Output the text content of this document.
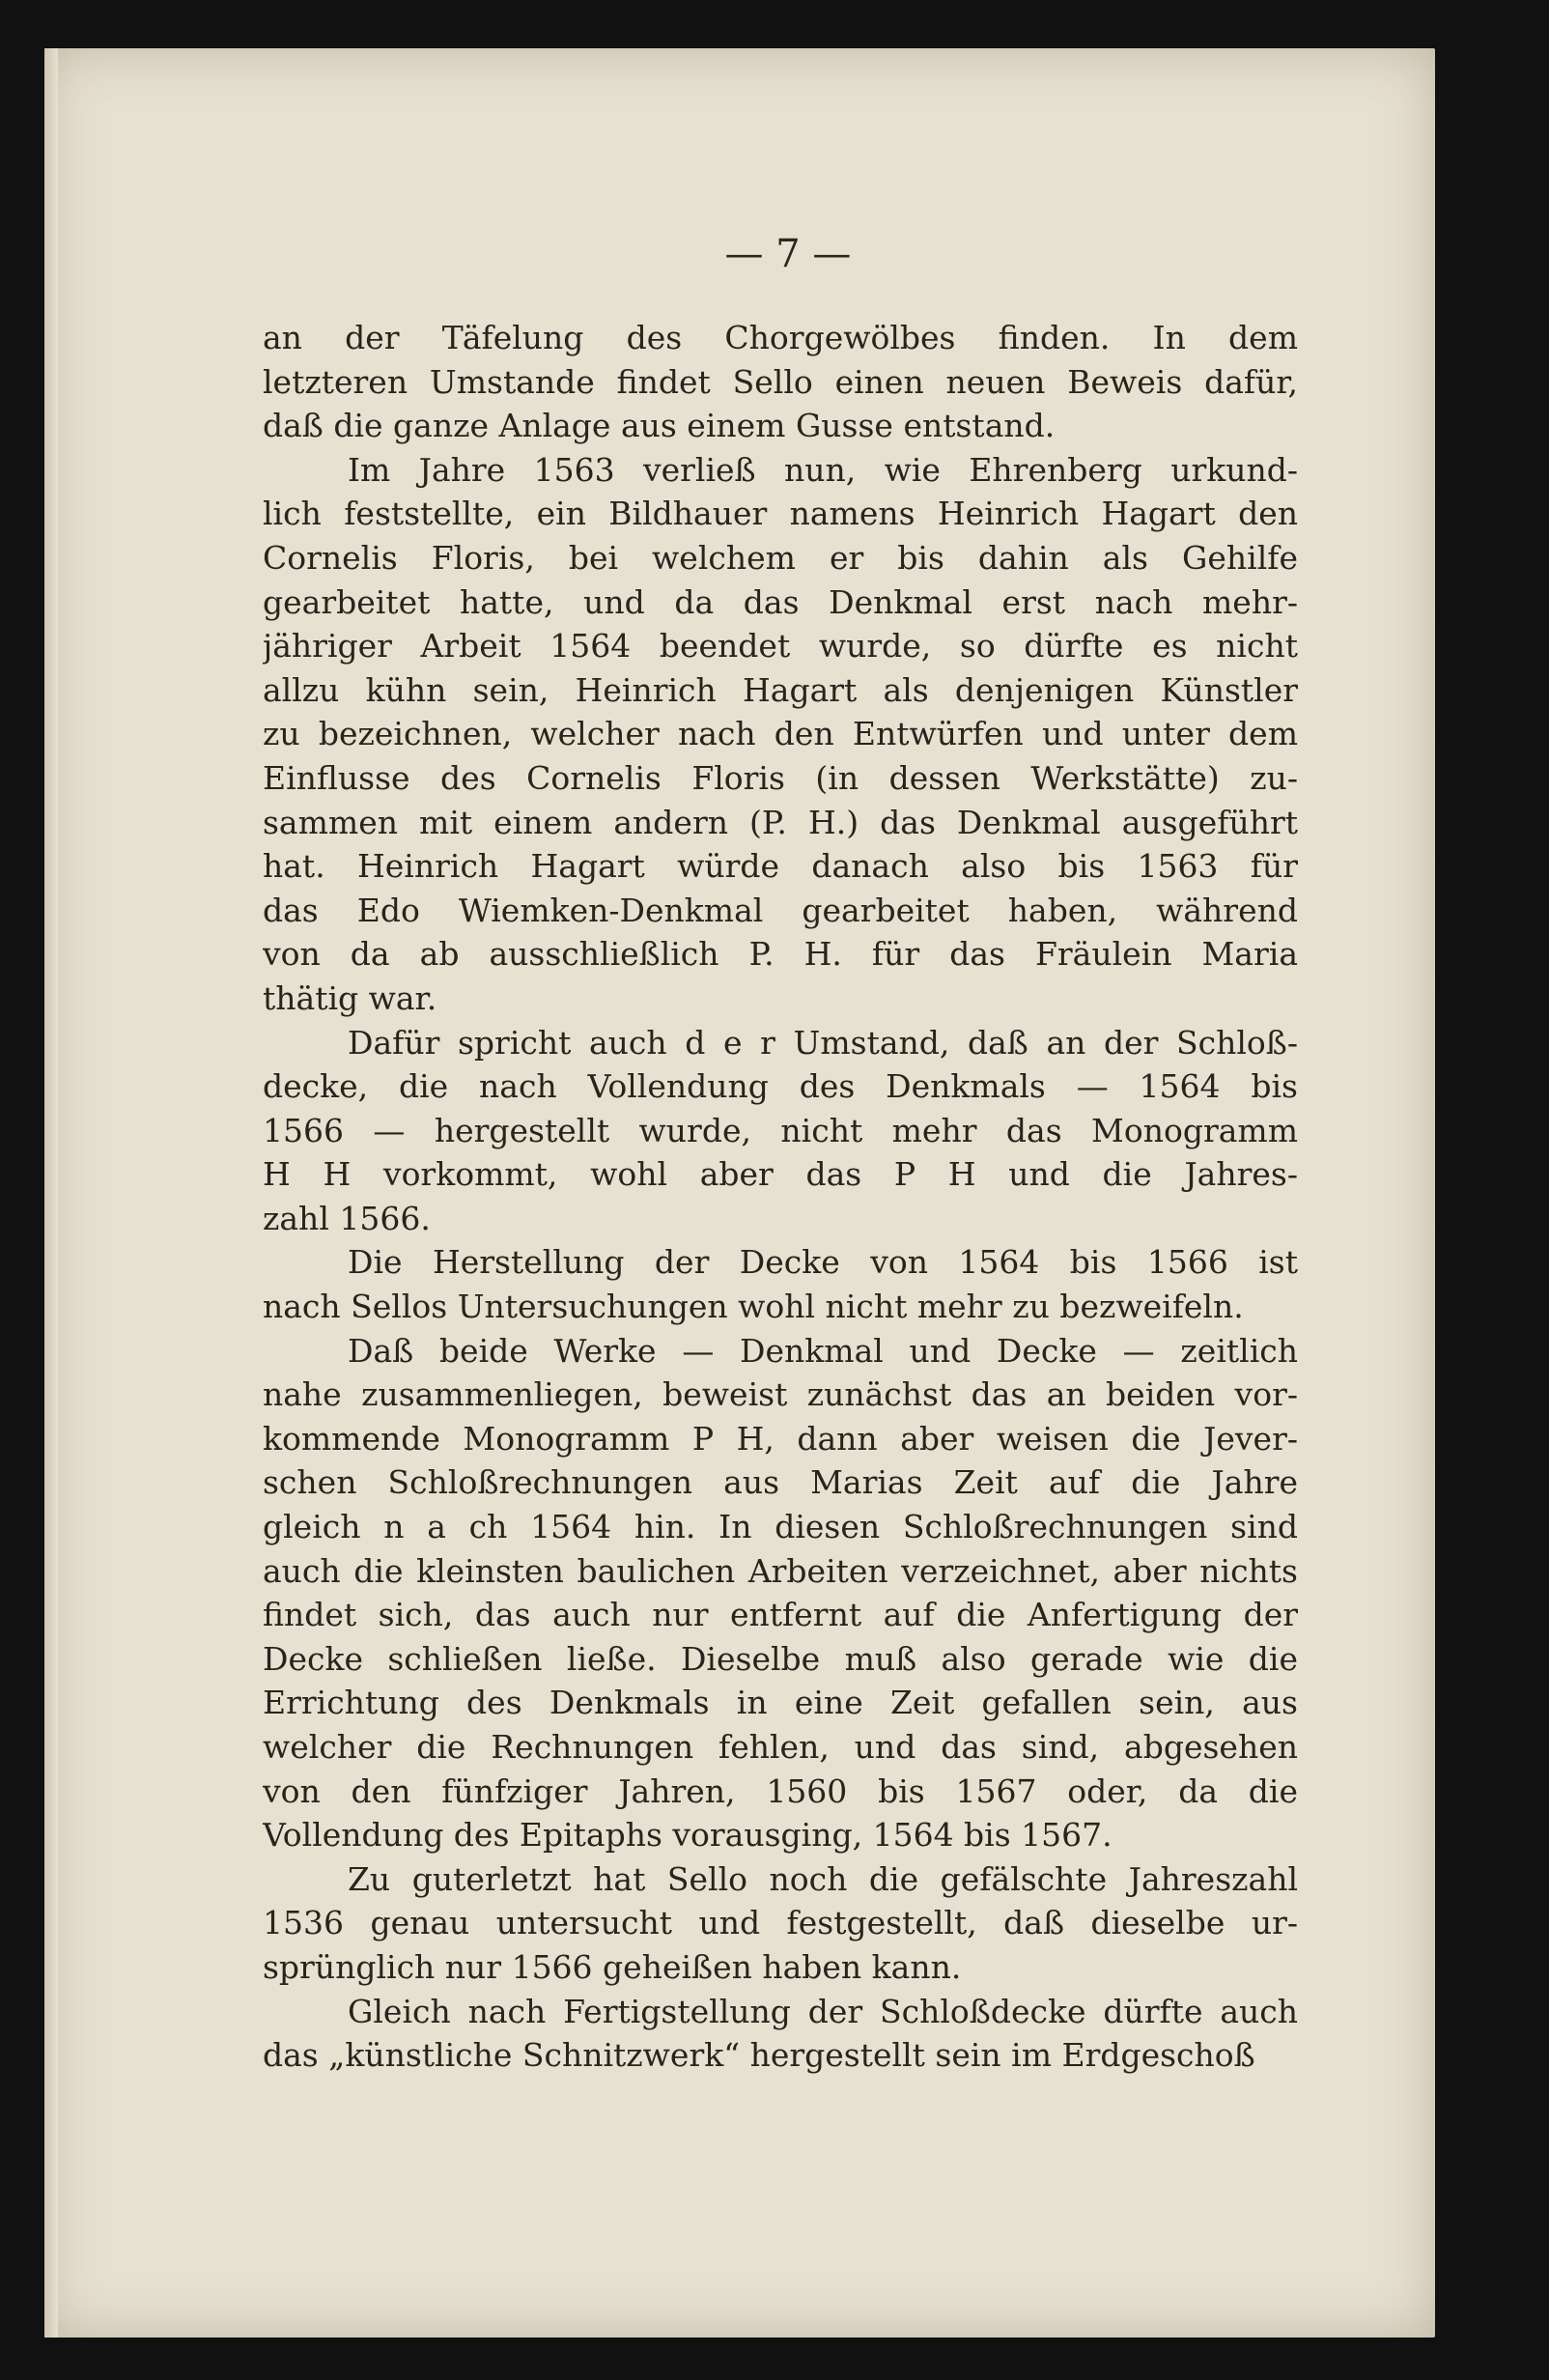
— 7 —

an der Täfelung des Chorgewölbes finden. In dem
letzteren Umstande findet Sello einen neuen Beweis dafür,
daß die ganze Anlage aus einem Gusse entstand.

Im Jahre 1563 verließ nun, wie Ehrenberg urkund-
lich feststellte, ein Bildhauer namens Heinrich Hagart den
Cornelis Floris, bei welchem er bis dahin als Gehilfe
gearbeitet hatte, und da das Denkmal erst nach mehr-
jähriger Arbeit 1564 beendet wurde, so dürfte es nicht
allzu kühn sein, Heinrich Hagart als denjenigen Künstler
zu bezeichnen, welcher nach den Entwürfen und unter dem
Einflusse des Cornelis Floris (in dessen Werkstätte) zu-
sammen mit einem andern (P. H.) das Denkmal ausgeführt
hat. Heinrich Hagart würde danach also bis 1563 für
das Edo Wiemken-Denkmal gearbeitet haben, während
von da ab ausschließlich P. H. für das Fräulein Maria
thätig war.

Dafür spricht auch d e r Umstand, daß an der Schloß-
decke, die nach Vollendung des Denkmals — 1564 bis
1566 — hergestellt wurde, nicht mehr das Monogramm
H H vorkommt, wohl aber das P H und die Jahres-
zahl 1566.

Die Herstellung der Decke von 1564 bis 1566 ist
nach Sellos Untersuchungen wohl nicht mehr zu bezweifeln.

Daß beide Werke — Denkmal und Decke — zeitlich
nahe zusammenliegen, beweist zunächst das an beiden vor-
kommende Monogramm P H, dann aber weisen die Jever-
schen Schloßrechnungen aus Marias Zeit auf die Jahre
gleich n a ch 1564 hin. In diesen Schloßrechnungen sind
auch die kleinsten baulichen Arbeiten verzeichnet, aber nichts
findet sich, das auch nur entfernt auf die Anfertigung der
Decke schließen ließe. Dieselbe muß also gerade wie die
Errichtung des Denkmals in eine Zeit gefallen sein, aus
welcher die Rechnungen fehlen, und das sind, abgesehen
von den fünfziger Jahren, 1560 bis 1567 oder, da die
Vollendung des Epitaphs vorausging, 1564 bis 1567.

Zu guterletzt hat Sello noch die gefälschte Jahreszahl
1536 genau untersucht und festgestellt, daß dieselbe ur-
sprünglich nur 1566 geheißen haben kann.

Gleich nach Fertigstellung der Schloßdecke dürfte auch
das „künstliche Schnitzwerk“ hergestellt sein im Erdgeschoß
